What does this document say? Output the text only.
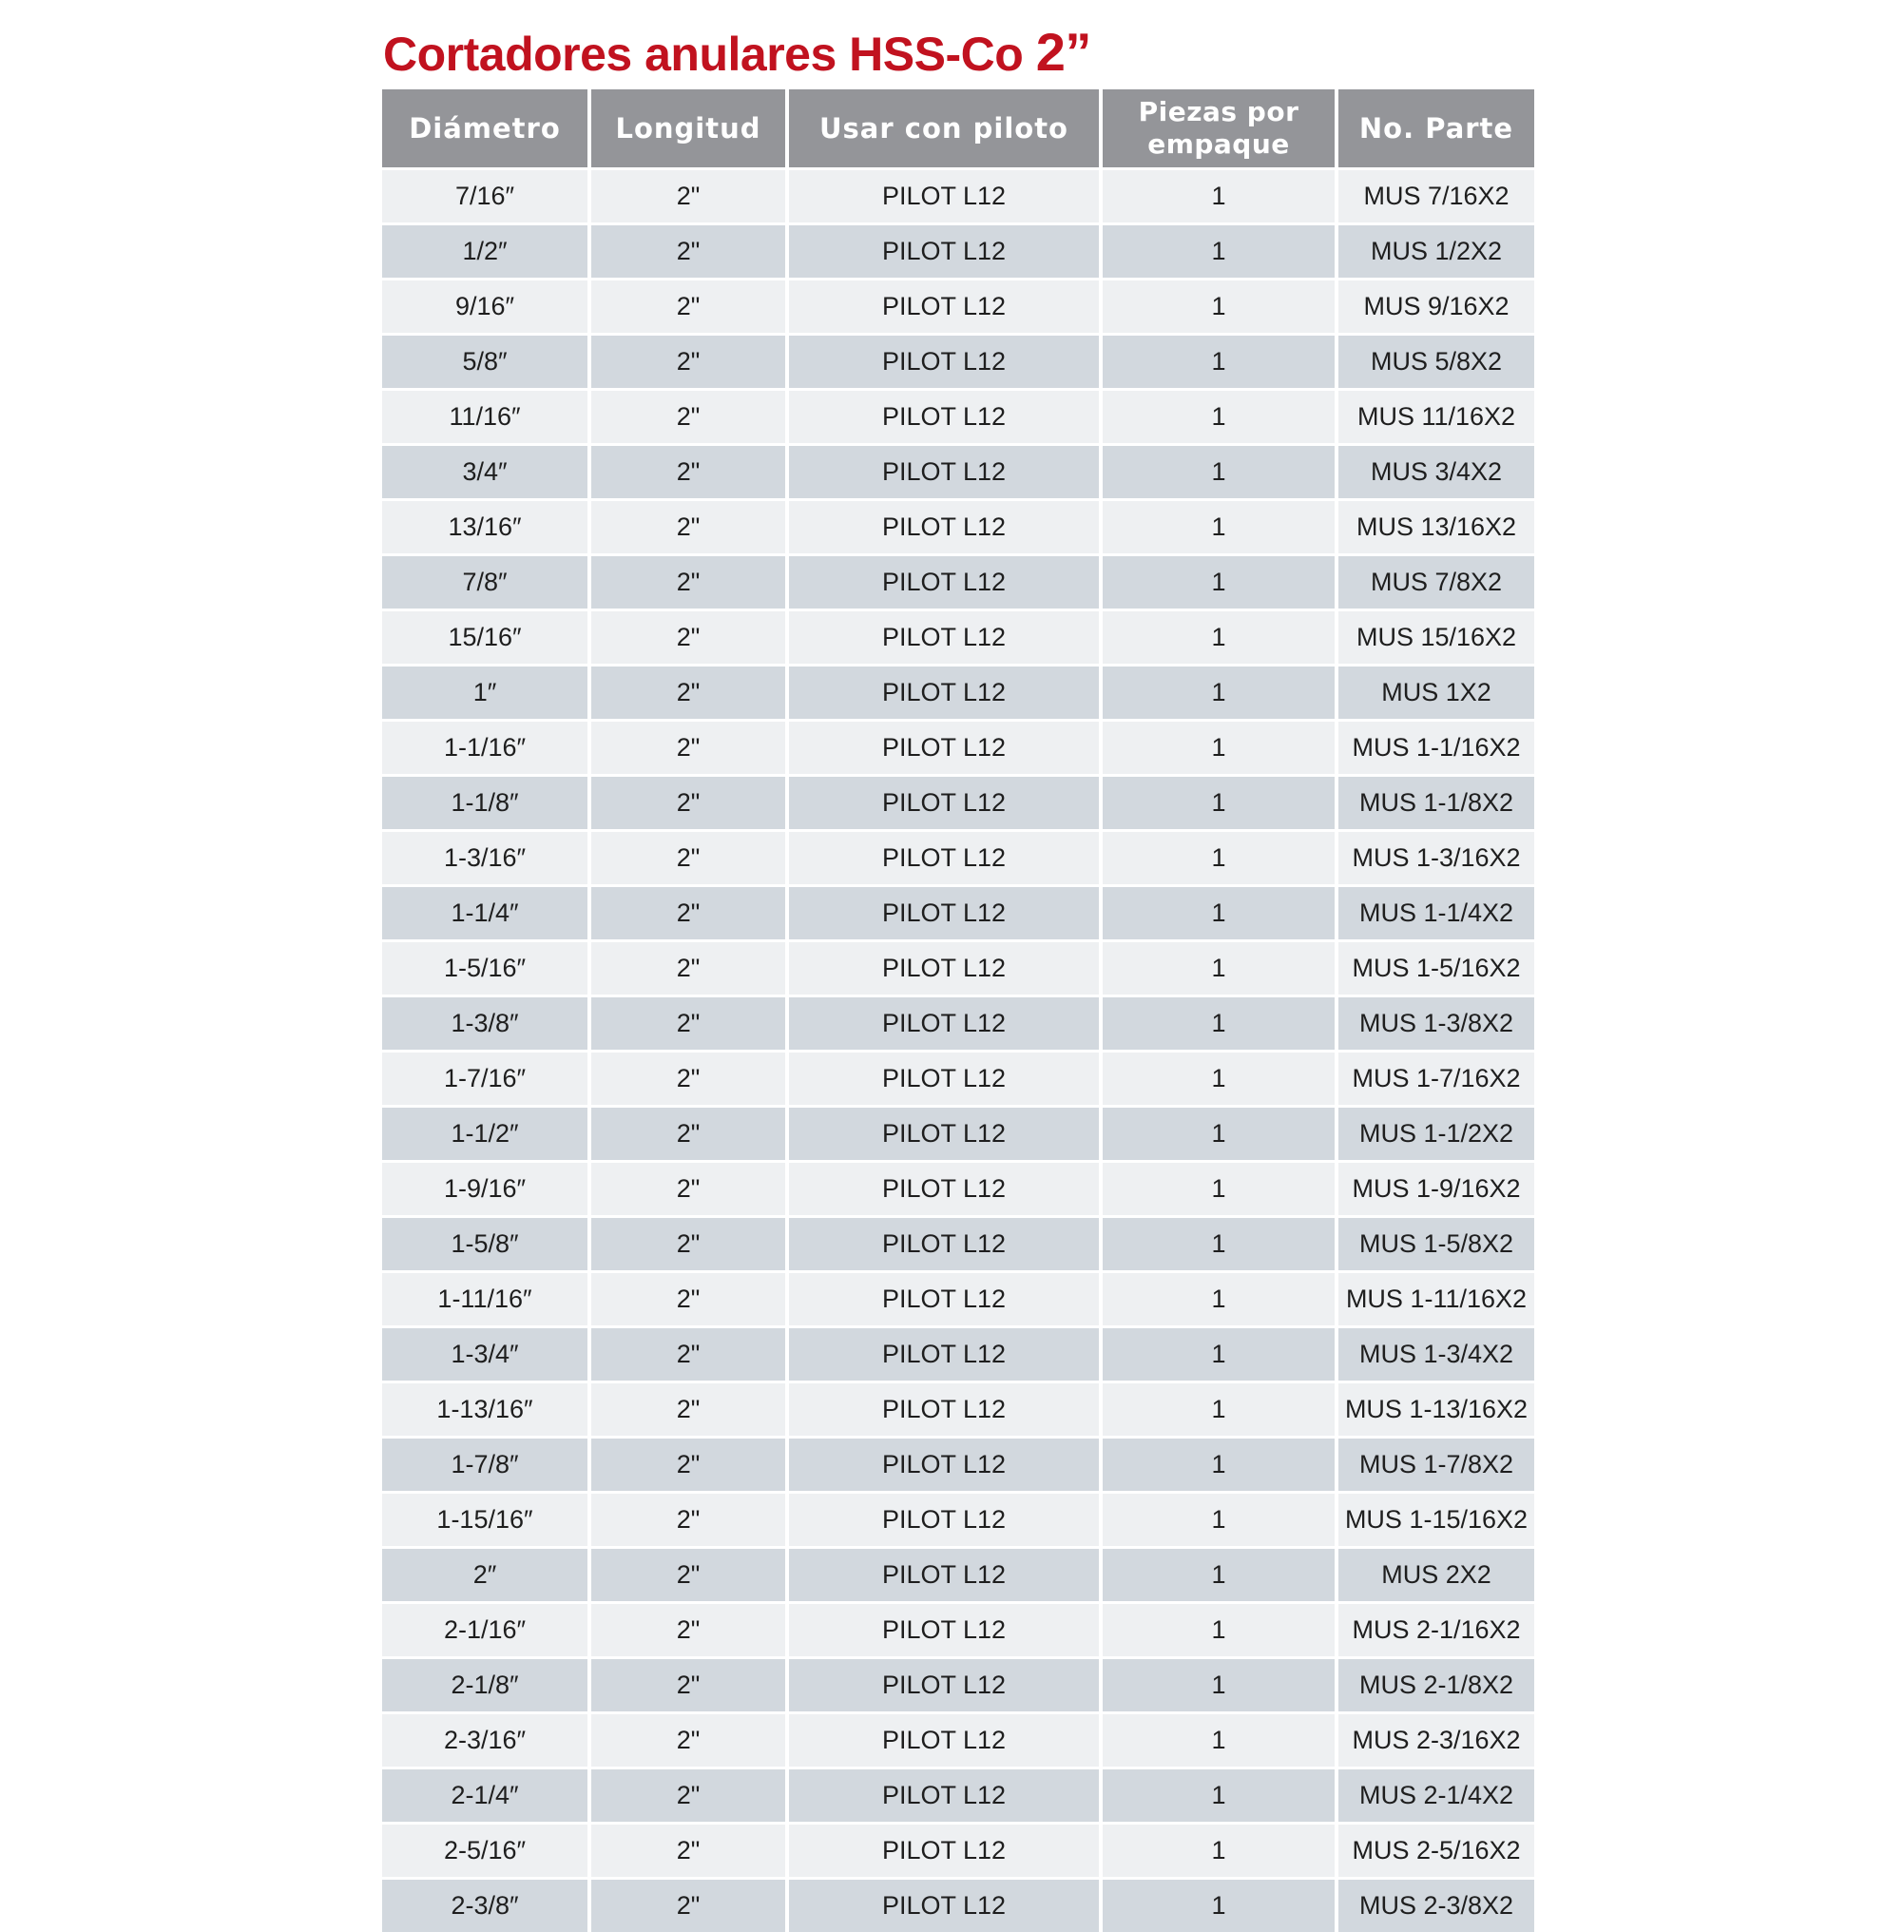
Cortadores anulares HSS-Co 2”
Diámetro	Longitud	Usar con piloto	Piezas por empaque	No. Parte
7/16″	2"	PILOT L12	1	MUS 7/16X2
1/2″	2"	PILOT L12	1	MUS 1/2X2
9/16″	2"	PILOT L12	1	MUS 9/16X2
5/8″	2"	PILOT L12	1	MUS 5/8X2
11/16″	2"	PILOT L12	1	MUS 11/16X2
3/4″	2"	PILOT L12	1	MUS 3/4X2
13/16″	2"	PILOT L12	1	MUS 13/16X2
7/8″	2"	PILOT L12	1	MUS 7/8X2
15/16″	2"	PILOT L12	1	MUS 15/16X2
1″	2"	PILOT L12	1	MUS 1X2
1-1/16″	2"	PILOT L12	1	MUS 1-1/16X2
1-1/8″	2"	PILOT L12	1	MUS 1-1/8X2
1-3/16″	2"	PILOT L12	1	MUS 1-3/16X2
1-1/4″	2"	PILOT L12	1	MUS 1-1/4X2
1-5/16″	2"	PILOT L12	1	MUS 1-5/16X2
1-3/8″	2"	PILOT L12	1	MUS 1-3/8X2
1-7/16″	2"	PILOT L12	1	MUS 1-7/16X2
1-1/2″	2"	PILOT L12	1	MUS 1-1/2X2
1-9/16″	2"	PILOT L12	1	MUS 1-9/16X2
1-5/8″	2"	PILOT L12	1	MUS 1-5/8X2
1-11/16″	2"	PILOT L12	1	MUS 1-11/16X2
1-3/4″	2"	PILOT L12	1	MUS 1-3/4X2
1-13/16″	2"	PILOT L12	1	MUS 1-13/16X2
1-7/8″	2"	PILOT L12	1	MUS 1-7/8X2
1-15/16″	2"	PILOT L12	1	MUS 1-15/16X2
2″	2"	PILOT L12	1	MUS 2X2
2-1/16″	2"	PILOT L12	1	MUS 2-1/16X2
2-1/8″	2"	PILOT L12	1	MUS 2-1/8X2
2-3/16″	2"	PILOT L12	1	MUS 2-3/16X2
2-1/4″	2"	PILOT L12	1	MUS 2-1/4X2
2-5/16″	2"	PILOT L12	1	MUS 2-5/16X2
2-3/8″	2"	PILOT L12	1	MUS 2-3/8X2
